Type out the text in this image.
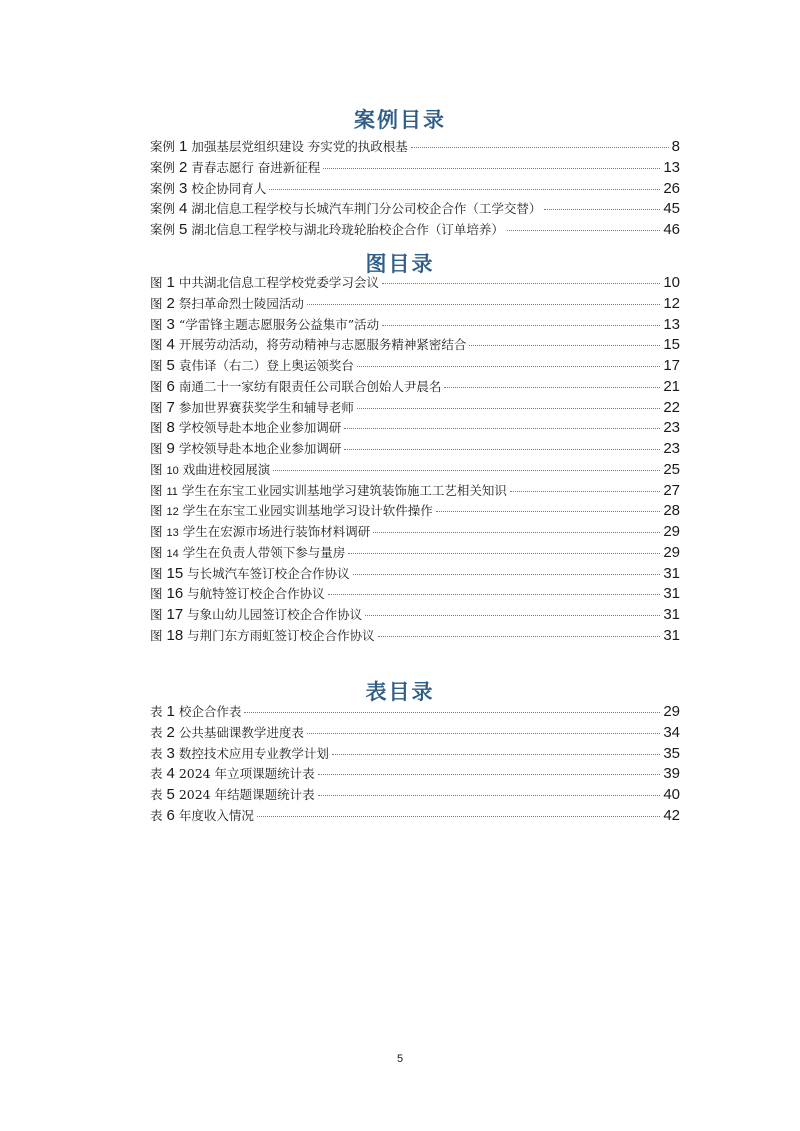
案例目录
案例 1 加强基层党组织建设 夯实党的执政根基	8
案例 2 青春志愿行 奋进新征程	13
案例 3 校企协同育人	26
案例 4 湖北信息工程学校与长城汽车荆门分公司校企合作（工学交替）	45
案例 5 湖北信息工程学校与湖北玲珑轮胎校企合作（订单培养）	46
图目录
图 1 中共湖北信息工程学校党委学习会议	10
图 2 祭扫革命烈士陵园活动	12
图 3 “学雷锋主题志愿服务公益集市”活动	13
图 4 开展劳动活动，将劳动精神与志愿服务精神紧密结合	15
图 5 袁伟译（右二）登上奥运领奖台	17
图 6 南通二十一家纺有限责任公司联合创始人尹晨名	21
图 7 参加世界赛获奖学生和辅导老师	22
图 8 学校领导赴本地企业参加调研	23
图 9 学校领导赴本地企业参加调研	23
图 10 戏曲进校园展演	25
图 11 学生在东宝工业园实训基地学习建筑装饰施工工艺相关知识	27
图 12 学生在东宝工业园实训基地学习设计软件操作	28
图 13 学生在宏源市场进行装饰材料调研	29
图 14 学生在负责人带领下参与量房	29
图 15 与长城汽车签订校企合作协议	31
图 16 与航特签订校企合作协议	31
图 17 与象山幼儿园签订校企合作协议	31
图 18 与荆门东方雨虹签订校企合作协议	31
表目录
表 1 校企合作表	29
表 2 公共基础课教学进度表	34
表 3 数控技术应用专业教学计划	35
表 4 2024 年立项课题统计表	39
表 5 2024 年结题课题统计表	40
表 6 年度收入情况	42
5
